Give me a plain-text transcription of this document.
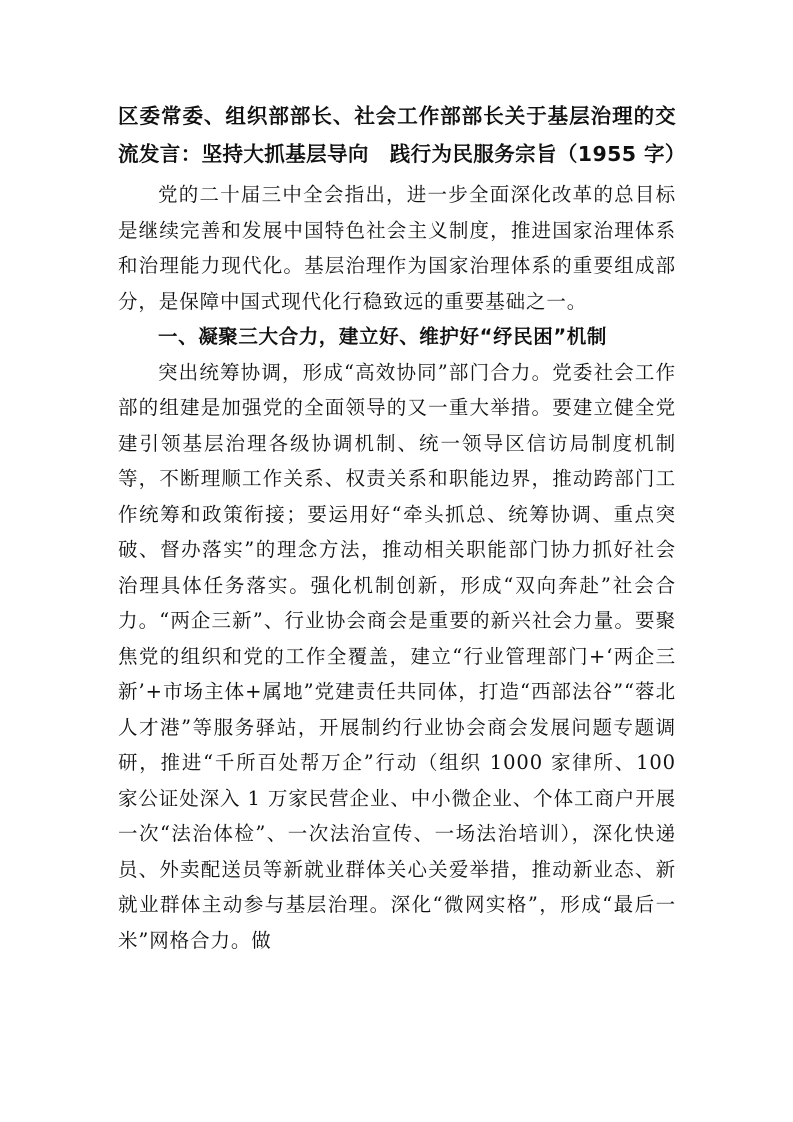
区委常委、组织部部长、社会工作部部长关于基层治理的交
流发言：坚持大抓基层导向　践行为民服务宗旨（1955 字）

党的二十届三中全会指出，进一步全面深化改革的总目标是继续完善和发展中国特色社会主义制度，推进国家治理体系和治理能力现代化。基层治理作为国家治理体系的重要组成部分，是保障中国式现代化行稳致远的重要基础之一。

一、凝聚三大合力，建立好、维护好“纾民困”机制

突出统筹协调，形成“高效协同”部门合力。党委社会工作部的组建是加强党的全面领导的又一重大举措。要建立健全党建引领基层治理各级协调机制、统一领导区信访局制度机制等，不断理顺工作关系、权责关系和职能边界，推动跨部门工作统筹和政策衔接；要运用好“牵头抓总、统筹协调、重点突破、督办落实”的理念方法，推动相关职能部门协力抓好社会治理具体任务落实。强化机制创新，形成“双向奔赴”社会合力。“两企三新”、行业协会商会是重要的新兴社会力量。要聚焦党的组织和党的工作全覆盖，建立“行业管理部门+‘两企三新’+市场主体+属地”党建责任共同体，打造“西部法谷”“蓉北人才港”等服务驿站，开展制约行业协会商会发展问题专题调研，推进“千所百处帮万企”行动（组织 1000 家律所、100 家公证处深入 1 万家民营企业、中小微企业、个体工商户开展一次“法治体检”、一次法治宣传、一场法治培训），深化快递员、外卖配送员等新就业群体关心关爱举措，推动新业态、新就业群体主动参与基层治理。深化“微网实格”，形成“最后一米”网格合力。做
